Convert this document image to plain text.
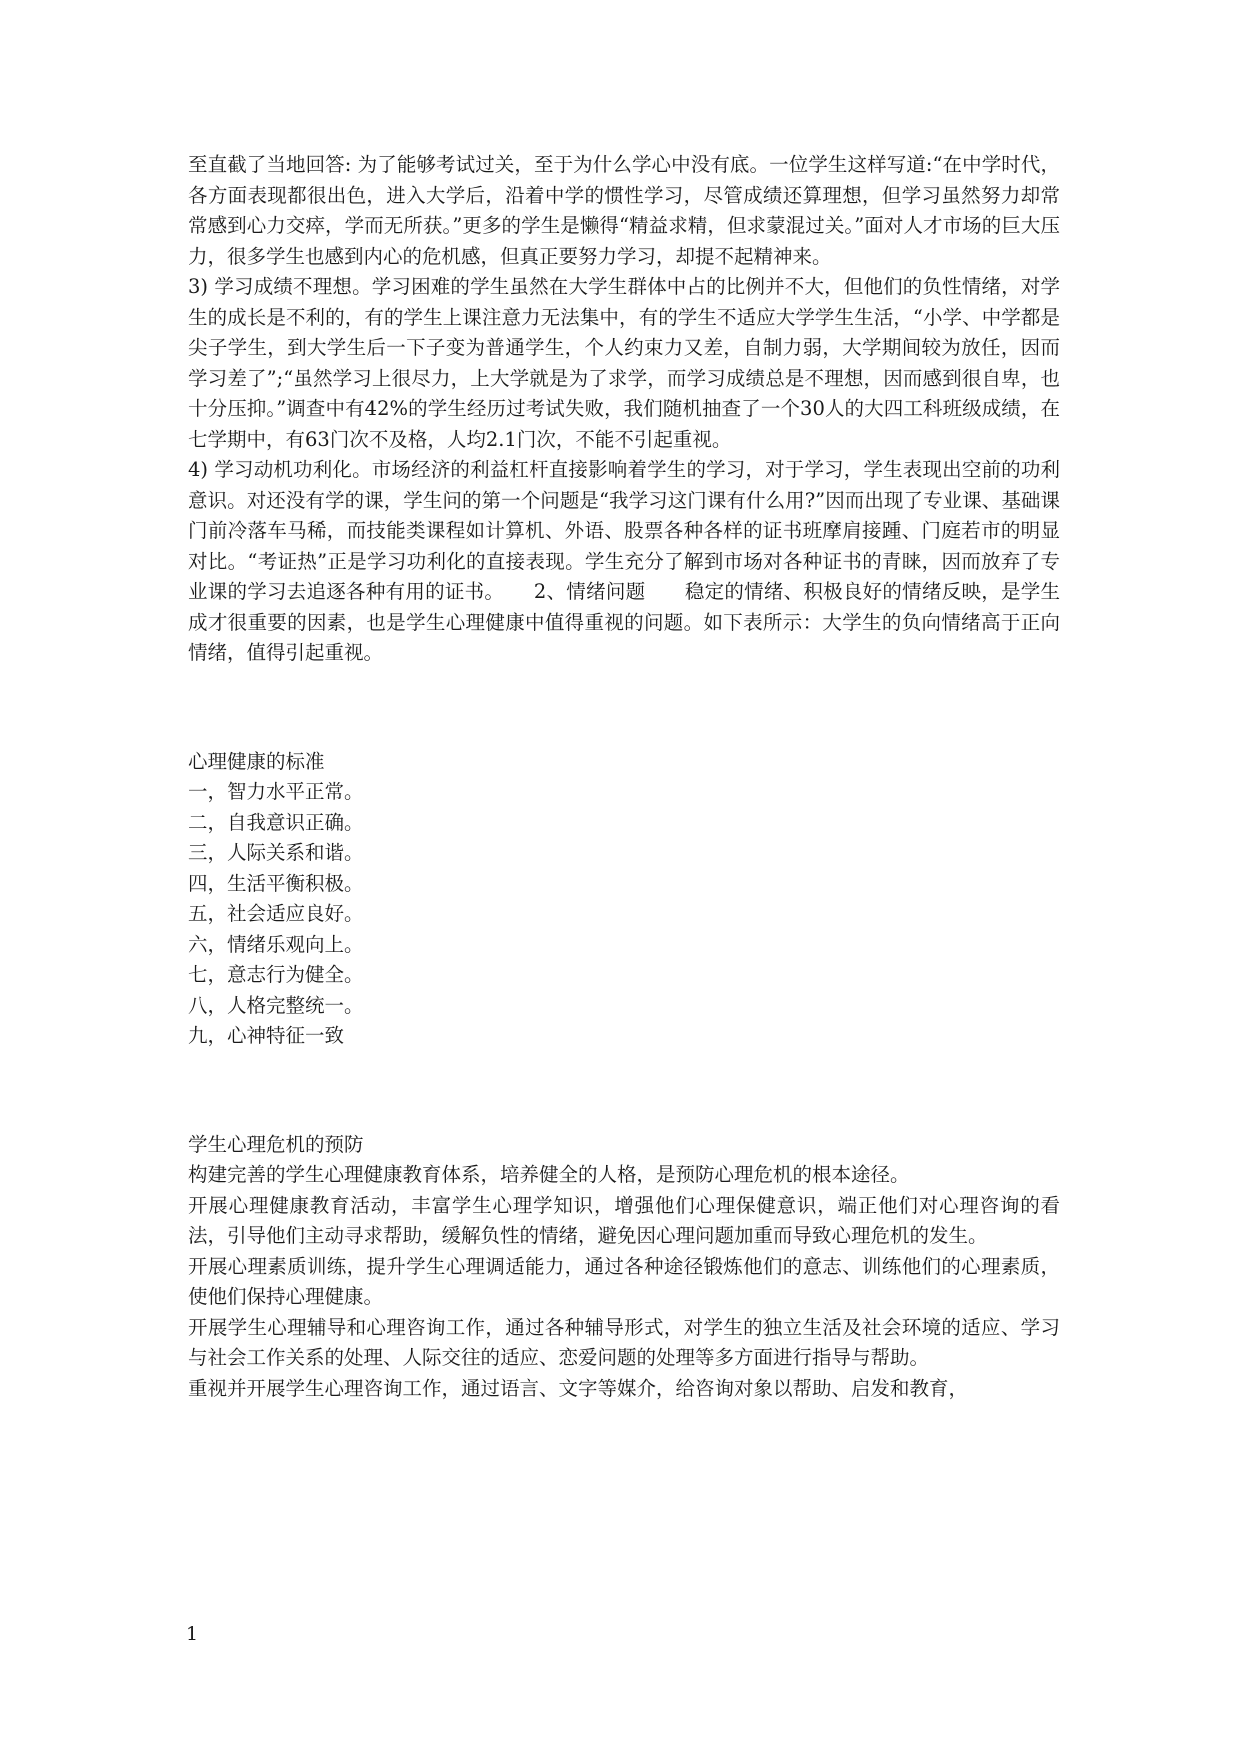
至直截了当地回答: 为了能够考试过关，至于为什么学心中没有底。一位学生这样写道:“在中学时代，各方面表现都很出色，进入大学后，沿着中学的惯性学习，尽管成绩还算理想，但学习虽然努力却常常感到心力交瘁，学而无所获。”更多的学生是懒得“精益求精，但求蒙混过关。”面对人才市场的巨大压力，很多学生也感到内心的危机感，但真正要努力学习，却提不起精神来。

3) 学习成绩不理想。学习困难的学生虽然在大学生群体中占的比例并不大，但他们的负性情绪，对学生的成长是不利的，有的学生上课注意力无法集中，有的学生不适应大学学生生活，“小学、中学都是尖子学生，到大学生后一下子变为普通学生，个人约束力又差，自制力弱，大学期间较为放任，因而学习差了”;“虽然学习上很尽力，上大学就是为了求学，而学习成绩总是不理想，因而感到很自卑，也十分压抑。”调查中有42%的学生经历过考试失败，我们随机抽查了一个30人的大四工科班级成绩，在七学期中，有63门次不及格，人均2.1门次，不能不引起重视。

4) 学习动机功利化。市场经济的利益杠杆直接影响着学生的学习，对于学习，学生表现出空前的功利意识。对还没有学的课，学生问的第一个问题是“我学习这门课有什么用?”因而出现了专业课、基础课门前冷落车马稀，而技能类课程如计算机、外语、股票各种各样的证书班摩肩接踵、门庭若市的明显对比。“考证热”正是学习功利化的直接表现。学生充分了解到市场对各种证书的青睐，因而放弃了专业课的学习去追逐各种有用的证书。　　2、情绪问题　　稳定的情绪、积极良好的情绪反映，是学生成才很重要的因素，也是学生心理健康中值得重视的问题。如下表所示：大学生的负向情绪高于正向情绪，值得引起重视。

心理健康的标准

一，智力水平正常。

二，自我意识正确。

三，人际关系和谐。

四，生活平衡积极。

五，社会适应良好。

六，情绪乐观向上。

七，意志行为健全。

八，人格完整统一。

九，心神特征一致

学生心理危机的预防

构建完善的学生心理健康教育体系，培养健全的人格，是预防心理危机的根本途径。

开展心理健康教育活动，丰富学生心理学知识，增强他们心理保健意识，端正他们对心理咨询的看法，引导他们主动寻求帮助，缓解负性的情绪，避免因心理问题加重而导致心理危机的发生。

开展心理素质训练，提升学生心理调适能力，通过各种途径锻炼他们的意志、训练他们的心理素质，使他们保持心理健康。

开展学生心理辅导和心理咨询工作，通过各种辅导形式，对学生的独立生活及社会环境的适应、学习与社会工作关系的处理、人际交往的适应、恋爱问题的处理等多方面进行指导与帮助。

重视并开展学生心理咨询工作，通过语言、文字等媒介，给咨询对象以帮助、启发和教育，

1
